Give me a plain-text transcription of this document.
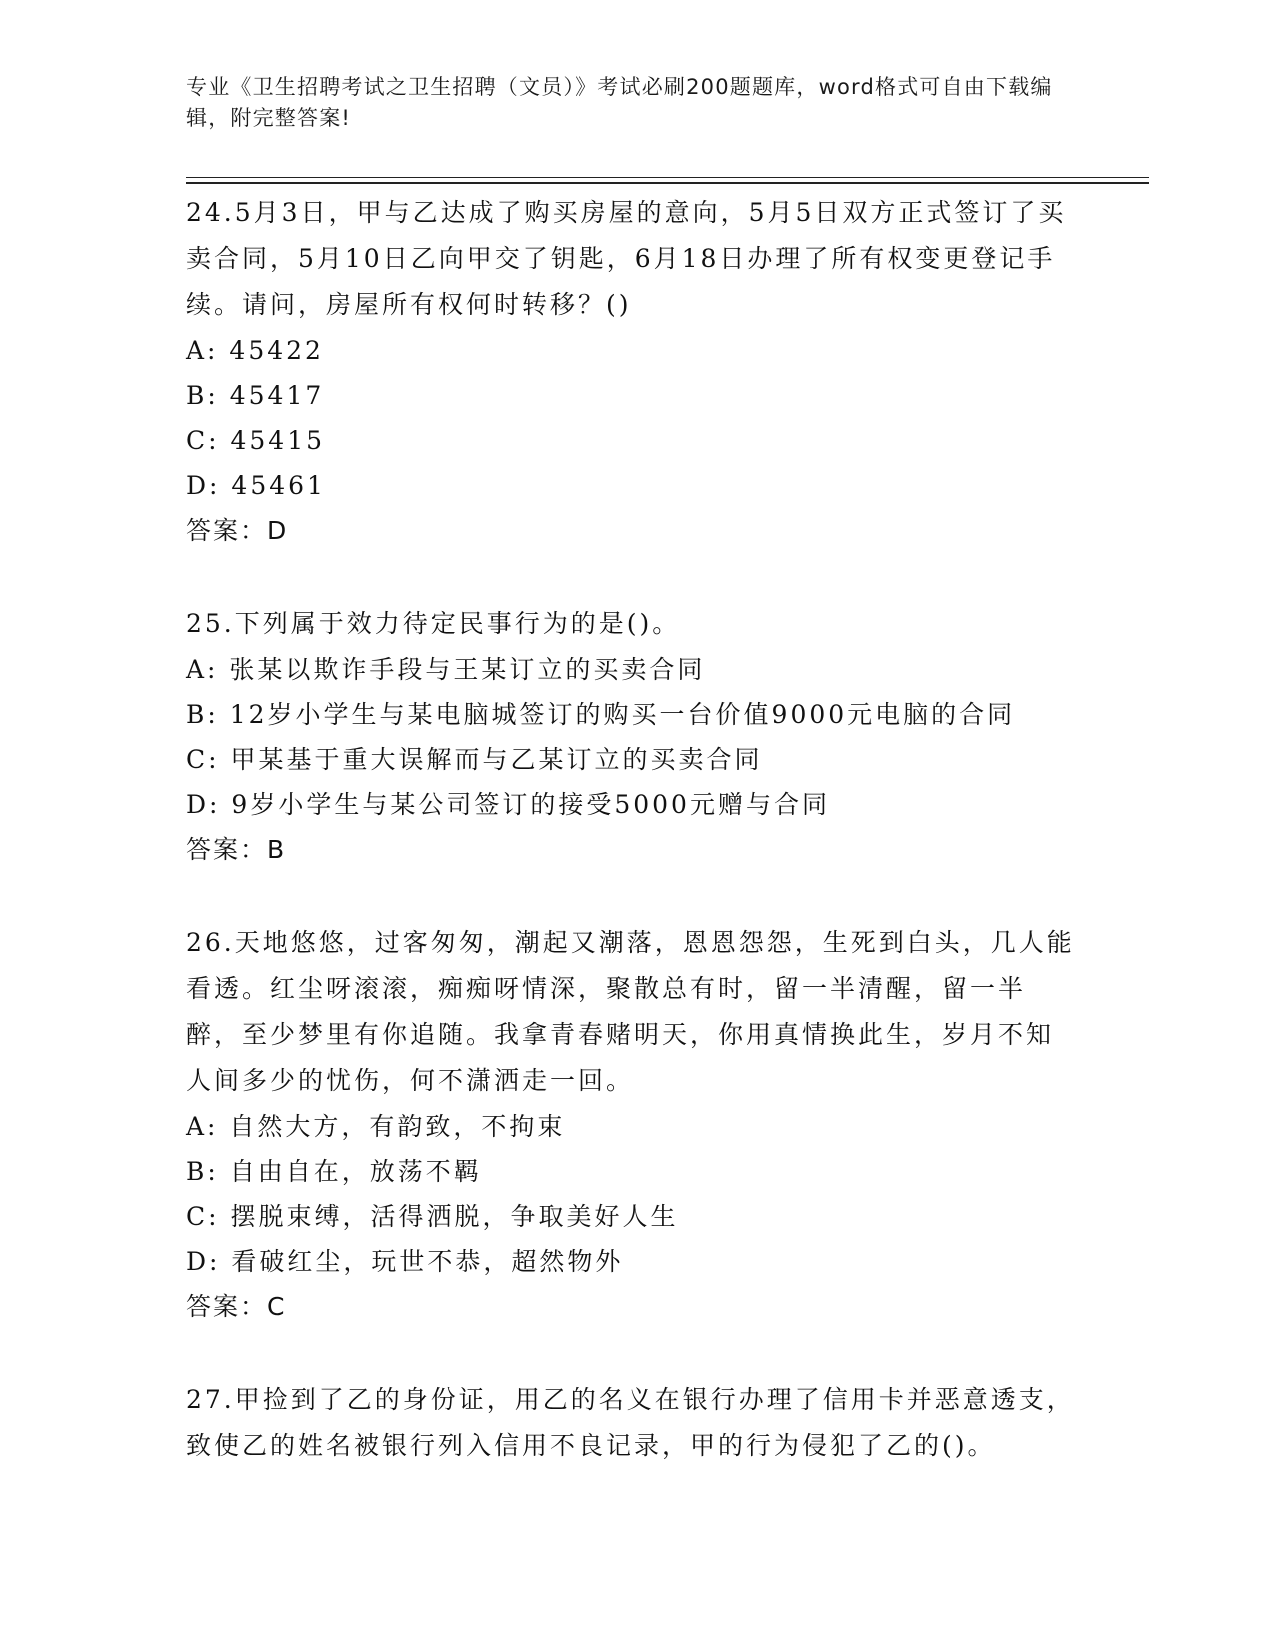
专业《卫生招聘考试之卫生招聘（文员）》考试必刷200题题库，word格式可自由下载编辑，附完整答案!

24.5月3日，甲与乙达成了购买房屋的意向，5月5日双方正式签订了买卖合同，5月10日乙向甲交了钥匙，6月18日办理了所有权变更登记手续。请问，房屋所有权何时转移？()

A: 45422

B: 45417

C: 45415

D: 45461

答案：D

25.下列属于效力待定民事行为的是()。

A: 张某以欺诈手段与王某订立的买卖合同

B: 12岁小学生与某电脑城签订的购买一台价值9000元电脑的合同

C: 甲某基于重大误解而与乙某订立的买卖合同

D: 9岁小学生与某公司签订的接受5000元赠与合同

答案：B

26.天地悠悠，过客匆匆，潮起又潮落，恩恩怨怨，生死到白头，几人能看透。红尘呀滚滚，痴痴呀情深，聚散总有时，留一半清醒，留一半醉，至少梦里有你追随。我拿青春赌明天，你用真情换此生，岁月不知人间多少的忧伤，何不潇洒走一回。

A: 自然大方，有韵致，不拘束

B: 自由自在，放荡不羁

C: 摆脱束缚，活得洒脱，争取美好人生

D: 看破红尘，玩世不恭，超然物外

答案：C

27.甲捡到了乙的身份证，用乙的名义在银行办理了信用卡并恶意透支，致使乙的姓名被银行列入信用不良记录，甲的行为侵犯了乙的()。
